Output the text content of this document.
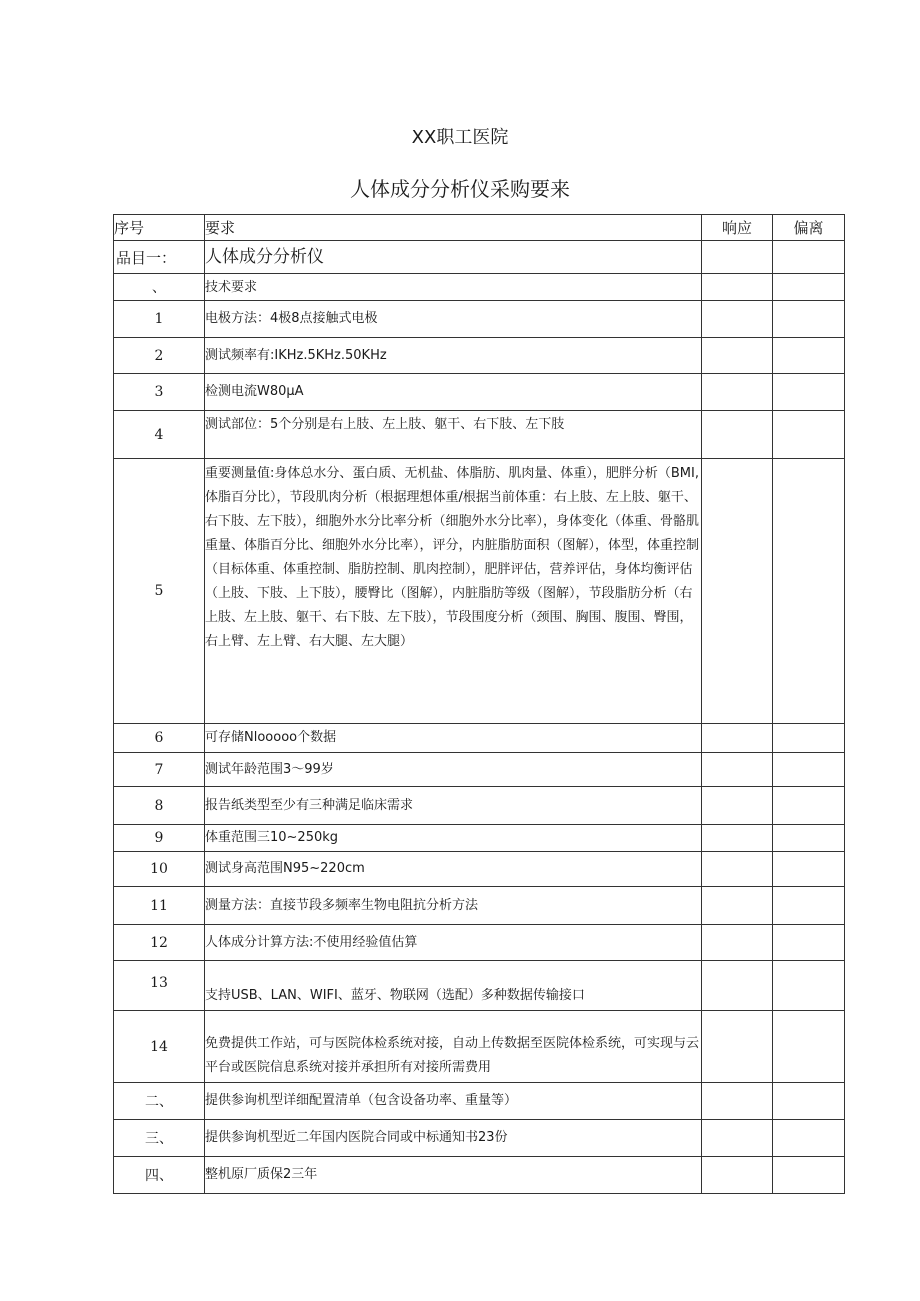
XX职工医院
人体成分分析仪采购要来
序号	要求	响应	偏离
品目一：	人体成分分析仪		
、	技术要求		
1	电极方法：4极8点接触式电极		
2	测试频率有:IKHz.5KHz.50KHz		
3	检测电流W80μA		
4	测试部位：5个分别是右上肢、左上肢、躯干、右下肢、左下肢		
5	重要测量值:身体总水分、蛋白质、无机盐、体脂肪、肌肉量、体重），肥胖分析（BMI,体脂百分比），节段肌肉分析（根据理想体重/根据当前体重：右上肢、左上肢、躯干、右下肢、左下肢），细胞外水分比率分析（细胞外水分比率），身体变化（体重、骨骼肌重量、体脂百分比、细胞外水分比率），评分，内脏脂肪面积（图解），体型，体重控制（目标体重、体重控制、脂肪控制、肌肉控制），肥胖评估，营养评估，身体均衡评估（上肢、下肢、上下肢），腰臀比（图解），内脏脂肪等级（图解），节段脂肪分析（右上肢、左上肢、躯干、右下肢、左下肢），节段围度分析（颈围、胸围、腹围、臀围，右上臂、左上臂、右大腿、左大腿）		
6	可存储Nlooooo个数据		
7	测试年龄范围3〜99岁		
8	报告纸类型至少有三种满足临床需求		
9	体重范围三10~250kg		
10	测试身高范围N95~220cm		
11	测量方法：直接节段多频率生物电阻抗分析方法		
12	人体成分计算方法:不使用经验值估算		
13	支持USB、LAN、WIFI、蓝牙、物联网（选配）多种数据传输接口		
14	免费提供工作站，可与医院体检系统对接，自动上传数据至医院体检系统，可实现与云平台或医院信息系统对接并承担所有对接所需费用		
二、	提供参询机型详细配置清单（包含设备功率、重量等）		
三、	提供参询机型近二年国内医院合同或中标通知书23份		
四、	整机原厂质保2三年		
